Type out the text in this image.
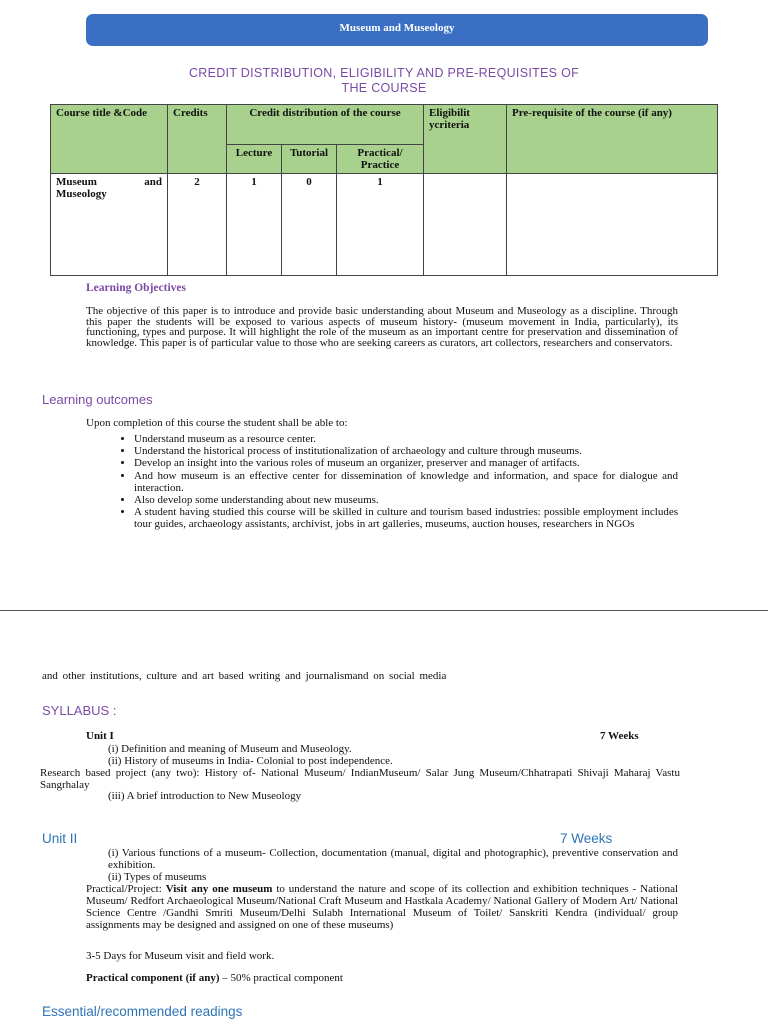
Museum and Museology
CREDIT DISTRIBUTION, ELIGIBILITY AND PRE-REQUISITES OF
THE COURSE
Course title &Code	Credits	Credit distribution of the course			Eligibilit ycriteria	Pre-requisite of the course (if any)
		Lecture	Tutorial	Practical/ Practice		
Museum and Museology	2	1	0	1		
Learning Objectives
The objective of this paper is to introduce and provide basic understanding about Museum and Museology as a discipline. Through this paper the students will be exposed to various aspects of museum history- (museum movement in India, particularly), its functioning, types and purpose. It will highlight the role of the museum as an important centre for preservation and dissemination of knowledge. This paper is of particular value to those who are seeking careers as curators, art collectors, researchers and conservators.
Learning outcomes
Upon completion of this course the student shall be able to:
• Understand museum as a resource center.
• Understand the historical process of institutionalization of archaeology and culture through museums.
• Develop an insight into the various roles of museum an organizer, preserver and manager of artifacts.
• And how museum is an effective center for dissemination of knowledge and information, and space for dialogue and interaction.
• Also develop some understanding about new museums.
• A student having studied this course will be skilled in culture and tourism based industries: possible employment includes tour guides, archaeology assistants, archivist, jobs in art galleries, museums, auction houses, researchers in NGOs
and other institutions, culture and art based writing and journalismand on social media
SYLLABUS :
Unit I	7 Weeks
(i) Definition and meaning of Museum and Museology.
(ii) History of museums in India- Colonial to post independence.
Research based project (any two): History of- National Museum/ IndianMuseum/ Salar Jung Museum/Chhatrapati Shivaji Maharaj Vastu Sangrhalay
(iii) A brief introduction to New Museology
Unit II	7 Weeks
(i) Various functions of a museum- Collection, documentation (manual, digital and photographic), preventive conservation and exhibition.
(ii) Types of museums
Practical/Project: Visit any one museum to understand the nature and scope of its collection and exhibition techniques - National Museum/ Redfort Archaeological Museum/National Craft Museum and Hastkala Academy/ National Gallery of Modern Art/ National Science Centre /Gandhi Smriti Museum/Delhi Sulabh International Museum of Toilet/ Sanskriti Kendra (individual/ group assignments may be designed and assigned on one of these museums)
3-5 Days for Museum visit and field work.
Practical component (if any) – 50% practical component
Essential/recommended readings
